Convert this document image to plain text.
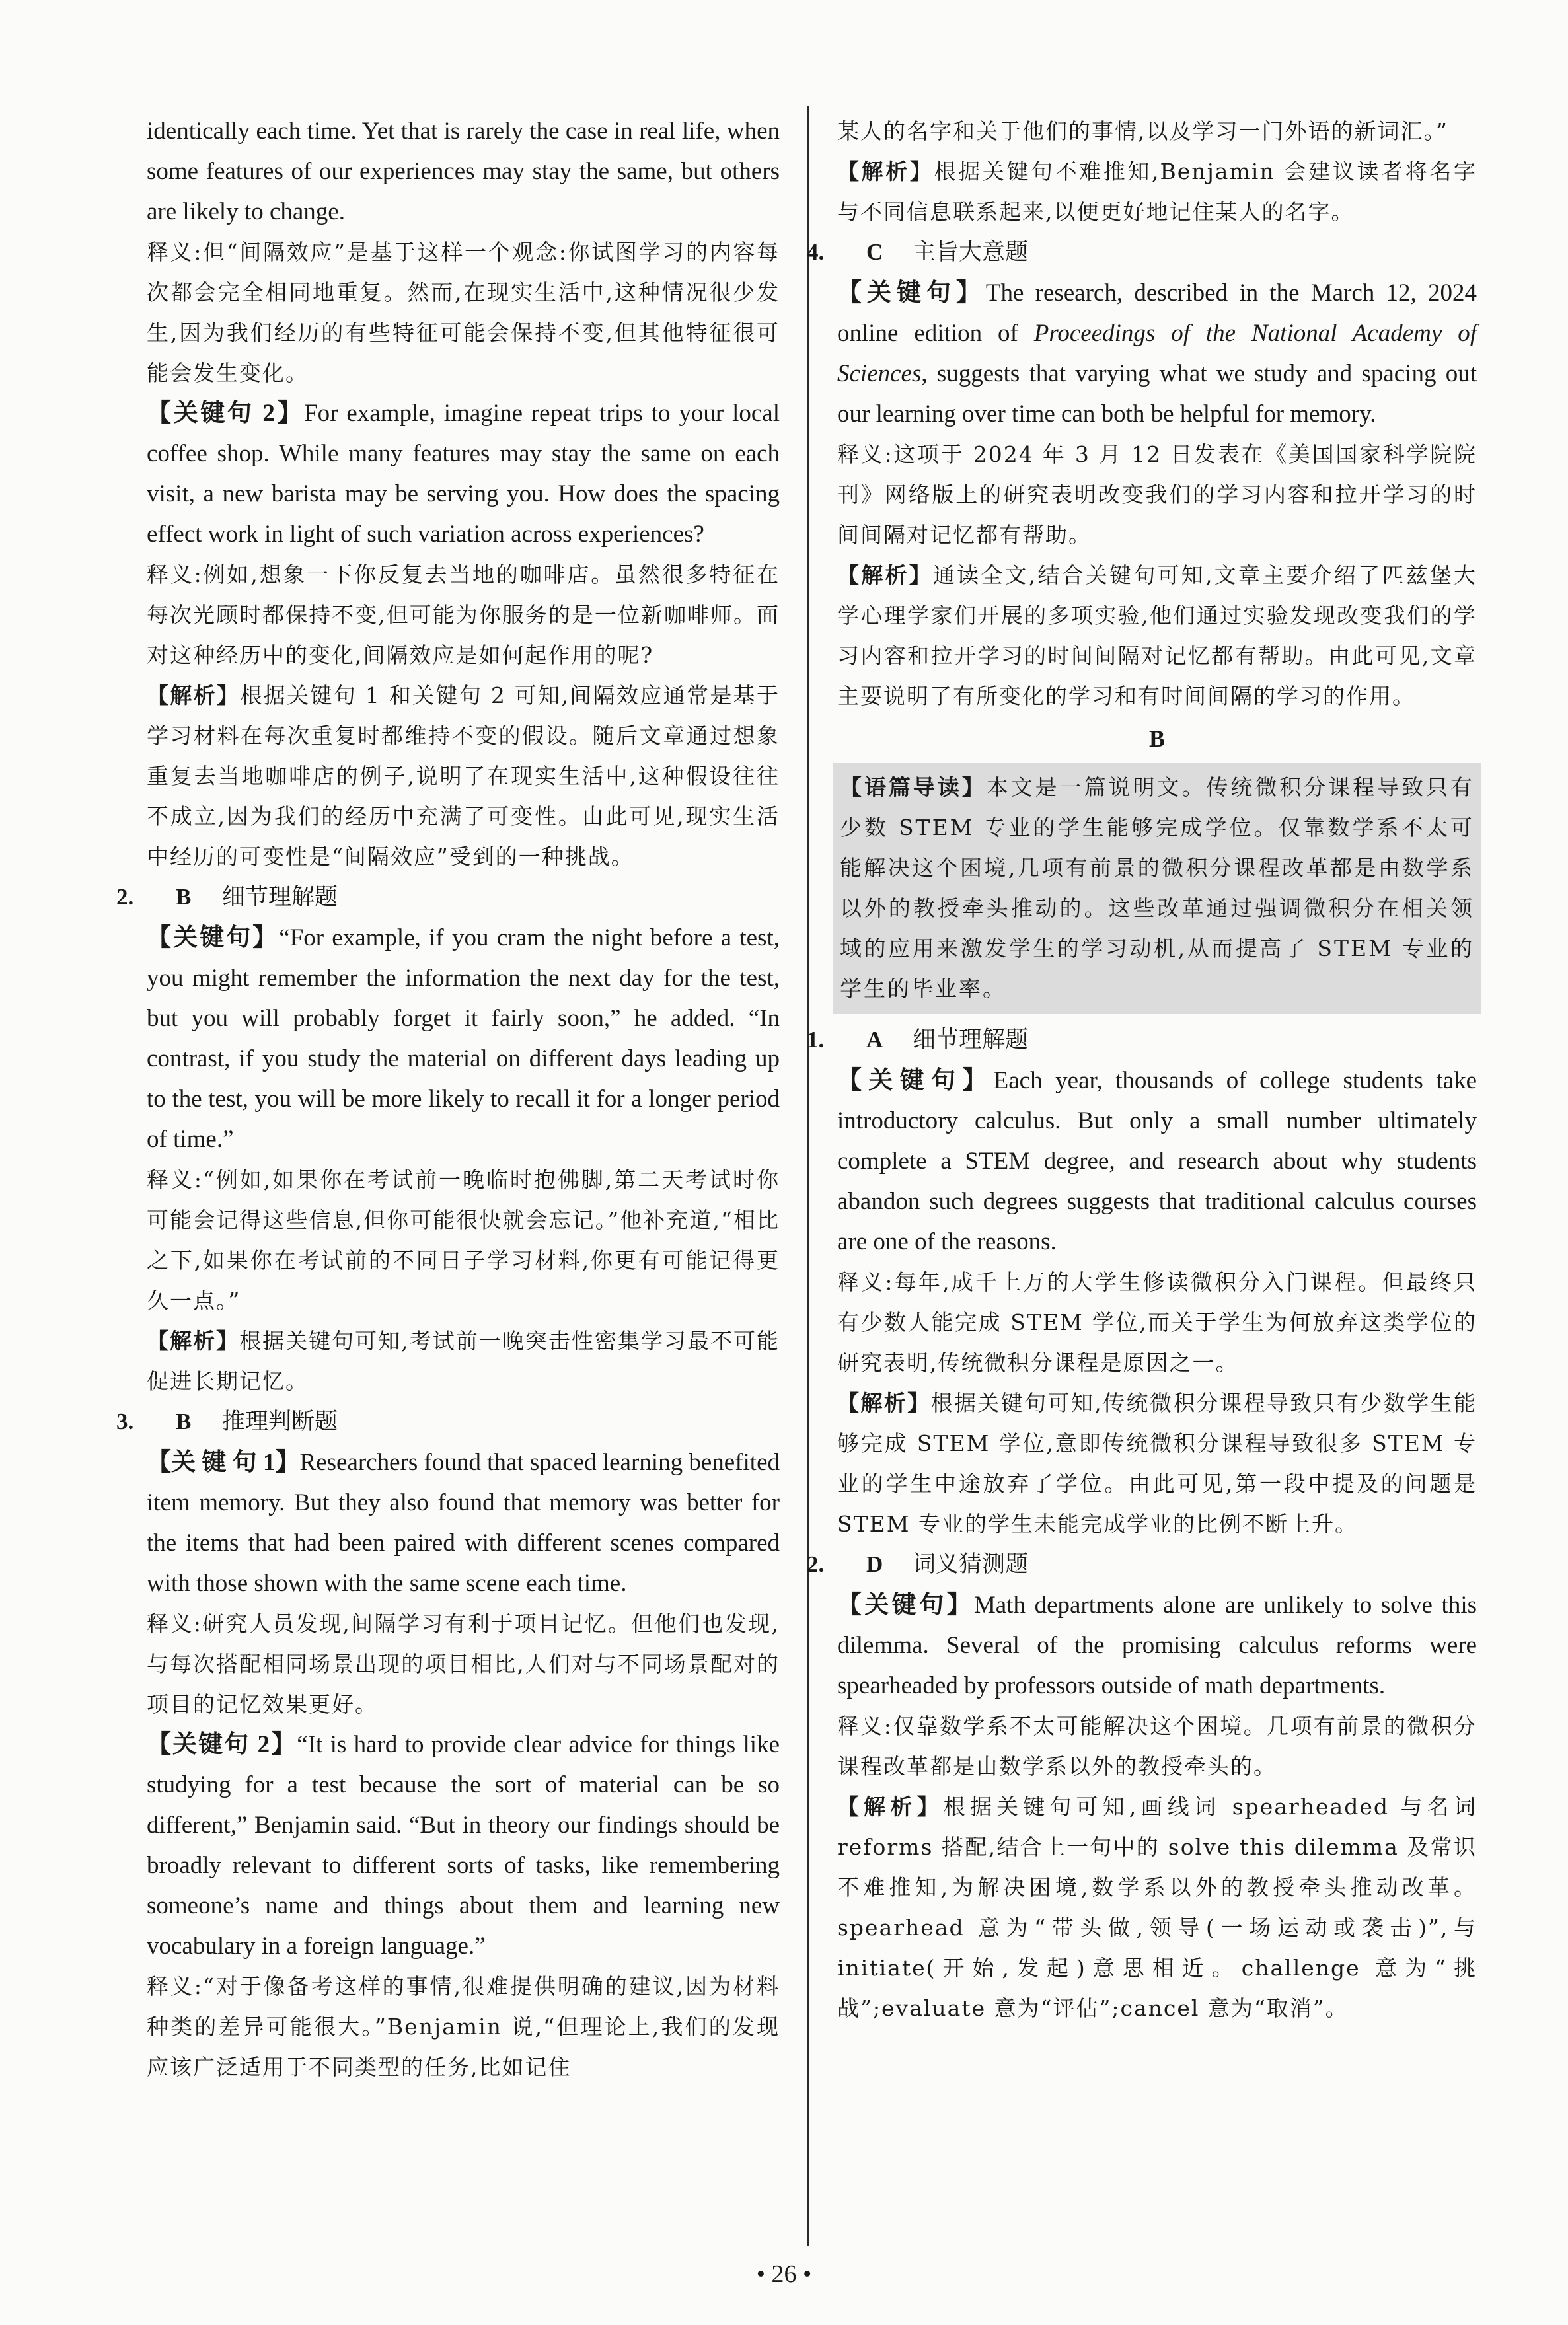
identically each time. Yet that is rarely the case in real life, when some features of our experiences may stay the same, but others are likely to change.

释义:但“间隔效应”是基于这样一个观念:你试图学习的内容每次都会完全相同地重复。然而,在现实生活中,这种情况很少发生,因为我们经历的有些特征可能会保持不变,但其他特征很可能会发生变化。

【关键句 2】For example, imagine repeat trips to your local coffee shop. While many features may stay the same on each visit, a new barista may be serving you. How does the spacing effect work in light of such variation across experiences?

释义:例如,想象一下你反复去当地的咖啡店。虽然很多特征在每次光顾时都保持不变,但可能为你服务的是一位新咖啡师。面对这种经历中的变化,间隔效应是如何起作用的呢?

【解析】根据关键句 1 和关键句 2 可知,间隔效应通常是基于学习材料在每次重复时都维持不变的假设。随后文章通过想象重复去当地咖啡店的例子,说明了在现实生活中,这种假设往往不成立,因为我们的经历中充满了可变性。由此可见,现实生活中经历的可变性是“间隔效应”受到的一种挑战。

2. B 细节理解题

【关键句】“For example, if you cram the night before a test, you might remember the information the next day for the test, but you will probably forget it fairly soon,” he added. “In contrast, if you study the material on different days leading up to the test, you will be more likely to recall it for a longer period of time.”

释义:“例如,如果你在考试前一晚临时抱佛脚,第二天考试时你可能会记得这些信息,但你可能很快就会忘记。”他补充道,“相比之下,如果你在考试前的不同日子学习材料,你更有可能记得更久一点。”

【解析】根据关键句可知,考试前一晚突击性密集学习最不可能促进长期记忆。

3. B 推理判断题

【关 键 句 1】Researchers found that spaced learning benefited item memory. But they also found that memory was better for the items that had been paired with different scenes compared with those shown with the same scene each time.

释义:研究人员发现,间隔学习有利于项目记忆。但他们也发现,与每次搭配相同场景出现的项目相比,人们对与不同场景配对的项目的记忆效果更好。

【关键句 2】“It is hard to provide clear advice for things like studying for a test because the sort of material can be so different,” Benjamin said. “But in theory our findings should be broadly relevant to different sorts of tasks, like remembering someone’s name and things about them and learning new vocabulary in a foreign language.”

释义:“对于像备考这样的事情,很难提供明确的建议,因为材料种类的差异可能很大。”Benjamin 说,“但理论上,我们的发现应该广泛适用于不同类型的任务,比如记住

某人的名字和关于他们的事情,以及学习一门外语的新词汇。”

【解析】根据关键句不难推知,Benjamin 会建议读者将名字与不同信息联系起来,以便更好地记住某人的名字。

4. C 主旨大意题

【关键句】The research, described in the March 12, 2024 online edition of Proceedings of the National Academy of Sciences, suggests that varying what we study and spacing out our learning over time can both be helpful for memory.

释义:这项于 2024 年 3 月 12 日发表在《美国国家科学院院刊》网络版上的研究表明改变我们的学习内容和拉开学习的时间间隔对记忆都有帮助。

【解析】通读全文,结合关键句可知,文章主要介绍了匹兹堡大学心理学家们开展的多项实验,他们通过实验发现改变我们的学习内容和拉开学习的时间间隔对记忆都有帮助。由此可见,文章主要说明了有所变化的学习和有时间间隔的学习的作用。

B

【语篇导读】本文是一篇说明文。传统微积分课程导致只有少数 STEM 专业的学生能够完成学位。仅靠数学系不太可能解决这个困境,几项有前景的微积分课程改革都是由数学系以外的教授牵头推动的。这些改革通过强调微积分在相关领域的应用来激发学生的学习动机,从而提高了 STEM 专业的学生的毕业率。

1. A 细节理解题

【关键句】Each year, thousands of college students take introductory calculus. But only a small number ultimately complete a STEM degree, and research about why students abandon such degrees suggests that traditional calculus courses are one of the reasons.

释义:每年,成千上万的大学生修读微积分入门课程。但最终只有少数人能完成 STEM 学位,而关于学生为何放弃这类学位的研究表明,传统微积分课程是原因之一。

【解析】根据关键句可知,传统微积分课程导致只有少数学生能够完成 STEM 学位,意即传统微积分课程导致很多 STEM 专业的学生中途放弃了学位。由此可见,第一段中提及的问题是 STEM 专业的学生未能完成学业的比例不断上升。

2. D 词义猜测题

【关键句】Math departments alone are unlikely to solve this dilemma. Several of the promising calculus reforms were spearheaded by professors outside of math departments.

释义:仅靠数学系不太可能解决这个困境。几项有前景的微积分课程改革都是由数学系以外的教授牵头的。

【解析】根据关键句可知,画线词 spearheaded 与名词 reforms 搭配,结合上一句中的 solve this dilemma 及常识不难推知,为解决困境,数学系以外的教授牵头推动改革。spearhead 意为“带头做,领导(一场运动或袭击)”,与 initiate(开始,发起)意思相近。challenge 意为“挑战”;evaluate 意为“评估”;cancel 意为“取消”。

• 26 •
